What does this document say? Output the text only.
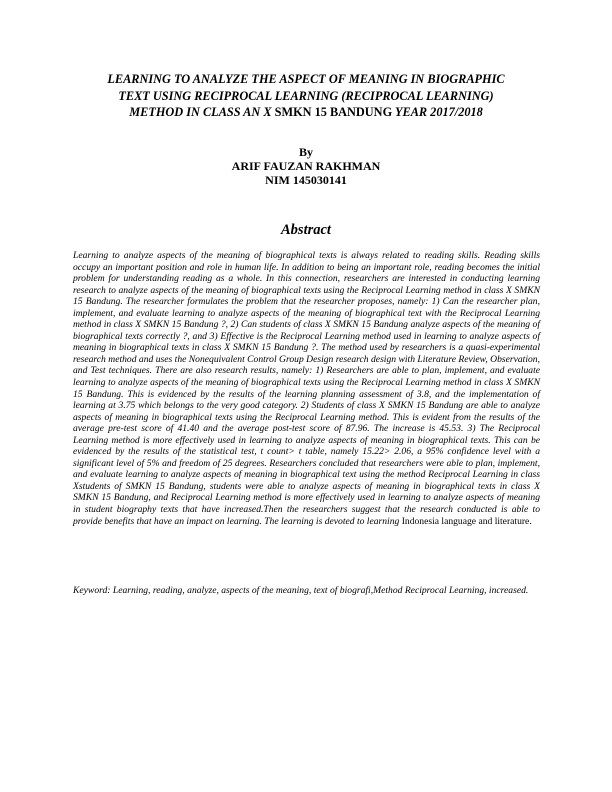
LEARNING TO ANALYZE THE ASPECT OF MEANING IN BIOGRAPHIC
TEXT USING RECIPROCAL LEARNING (RECIPROCAL LEARNING)
METHOD IN CLASS AN X SMKN 15 BANDUNG YEAR 2017/2018
By
ARIF FAUZAN RAKHMAN
NIM 145030141
Abstract
Learning to analyze aspects of the meaning of biographical texts is always related to reading skills. Reading skills occupy an important position and role in human life. In addition to being an important role, reading becomes the initial problem for understanding reading as a whole. In this connection, researchers are interested in conducting learning research to analyze aspects of the meaning of biographical texts using the Reciprocal Learning method in class X SMKN 15 Bandung. The researcher formulates the problem that the researcher proposes, namely: 1) Can the researcher plan, implement, and evaluate learning to analyze aspects of the meaning of biographical text with the Reciprocal Learning method in class X SMKN 15 Bandung ?, 2) Can students of class X SMKN 15 Bandung analyze aspects of the meaning of biographical texts correctly ?, and 3) Effective is the Reciprocal Learning method used in learning to analyze aspects of meaning in biographical texts in class X SMKN 15 Bandung ?. The method used by researchers is a quasi-experimental research method and uses the Nonequivalent Control Group Design research design with Literature Review, Observation, and Test techniques. There are also research results, namely: 1) Researchers are able to plan, implement, and evaluate learning to analyze aspects of the meaning of biographical texts using the Reciprocal Learning method in class X SMKN 15 Bandung. This is evidenced by the results of the learning planning assessment of 3.8, and the implementation of learning at 3.75 which belongs to the very good category. 2) Students of class X SMKN 15 Bandung are able to analyze aspects of meaning in biographical texts using the Reciprocal Learning method. This is evident from the results of the average pre-test score of 41.40 and the average post-test score of 87.96. The increase is 45.53. 3) The Reciprocal Learning method is more effectively used in learning to analyze aspects of meaning in biographical texts. This can be evidenced by the results of the statistical test, t count> t table, namely 15.22> 2.06, a 95% confidence level with a significant level of 5% and freedom of 25 degrees. Researchers concluded that researchers were able to plan, implement, and evaluate learning to analyze aspects of meaning in biographical text using the method Reciprocal Learning in class Xstudents of SMKN 15 Bandung, students were able to analyze aspects of meaning in biographical texts in class X SMKN 15 Bandung, and Reciprocal Learning method is more effectively used in learning to analyze aspects of meaning in student biography texts that have increased.Then the researchers suggest that the research conducted is able to provide benefits that have an impact on learning. The learning is devoted to learning Indonesia language and literature.
Keyword: Learning, reading, analyze, aspects of the meaning, text of biografi,Method Reciprocal Learning, increased.
